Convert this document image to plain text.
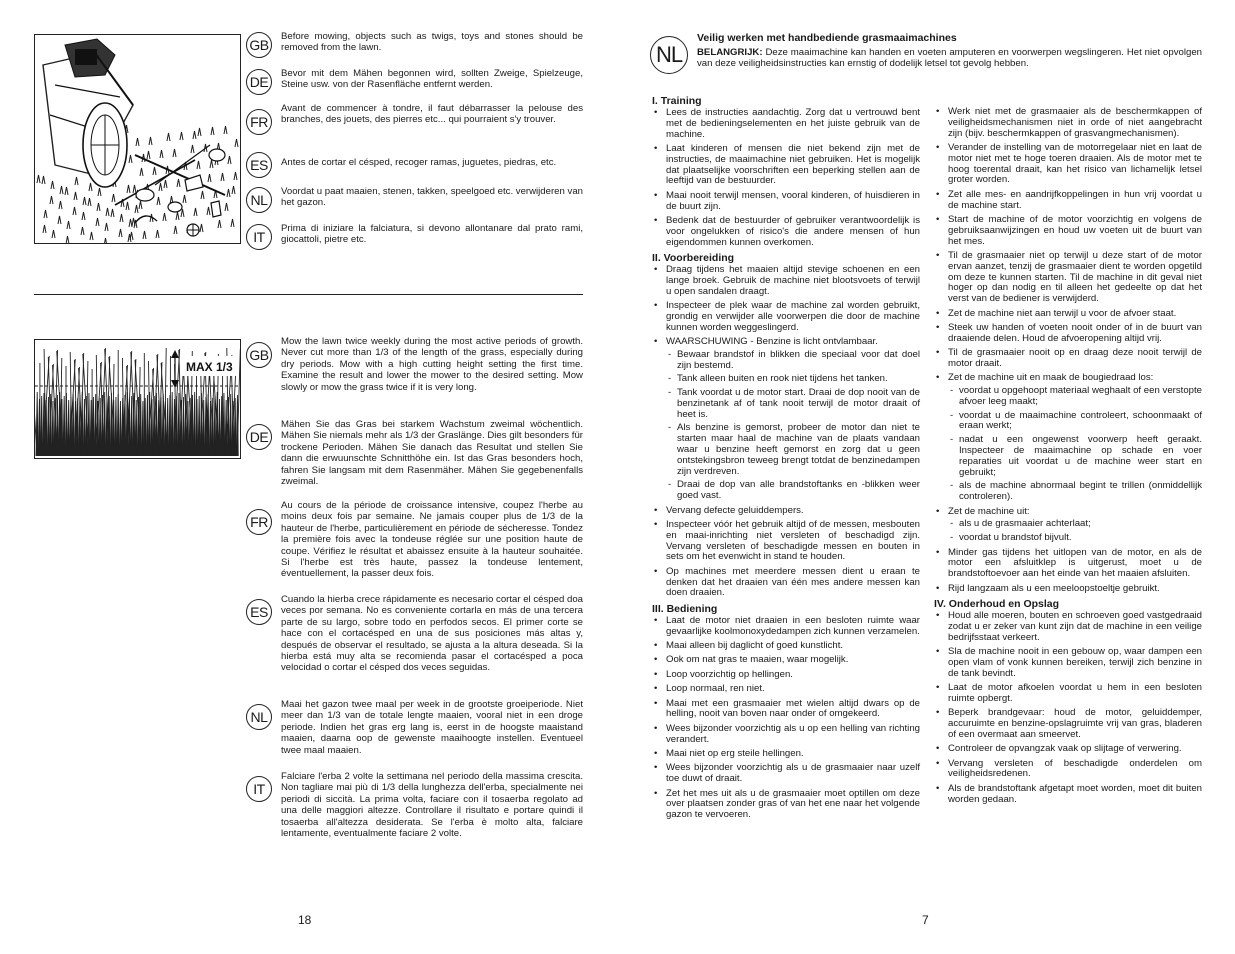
GB
Before mowing, objects such as twigs, toys and stones should be removed from the lawn.
DE
Bevor mit dem Mähen begonnen wird, sollten Zweige, Spielzeuge, Steine usw. von der Rasenfläche entfernt werden.
FR
Avant de commencer à tondre, il faut débarrasser la pelouse des branches, des jouets, des pierres etc... qui pourraient s'y trouver.
ES	Antes de cortar el césped, recoger ramas, juguetes, piedras, etc.
NL
Voordat u paat maaien, stenen, takken, speelgoed etc. verwijderen van het gazon.
IT
Prima di iniziare la falciatura, si devono allontanare dal prato rami, giocattoli, pietre etc.
MAX 1/3
GB
Mow the lawn twice weekly during the most active periods of growth. Never cut more than 1/3 of the length of the grass, especially during dry periods. Mow with a high cutting height setting the first time. Examine the result and lower the mower to the desired setting. Mow slowly or mow the grass twice if it is very long.
DE
Mähen Sie das Gras bei starkem Wachstum zweimal wöchentlich. Mähen Sie niemals mehr als 1/3 der Graslänge. Dies gilt besonders für trockene Perioden. Mähen Sie danach das Resultat und stellen Sie dann die erwuunschte Schnitthöhe ein. Ist das Gras besonders hoch, fahren Sie langsam mit dem Rasenmäher. Mähen Sie gegebenenfalls zweimal.
FR
Au cours de la période de croissance intensive, coupez l'herbe au moins deux fois par semaine. Ne jamais couper plus de 1/3 de la hauteur de l'herbe, particulièrement en période de sécheresse. Tondez la première fois avec la tondeuse réglée sur une position haute de coupe. Vérifiez le résultat et abaissez ensuite à la hauteur souhaitée. Si l'herbe est très haute, passez la tondeuse lentement, éventuellement, la passer deux fois.
ES
Cuando la hierba crece rápidamente es necesario cortar el césped doa veces por semana. No es conveniente cortarla en más de una tercera parte de su largo, sobre todo en perfodos secos. El primer corte se hace con el cortacésped en una de sus posiciones más altas y, después de observar el resultado, se ajusta a la altura deseada. Si la hierba está muy alta se recomienda pasar el cortacésped a poca velocidad o cortar el césped dos veces seguidas.
NL
Maai het gazon twee maal per week in de grootste groeiperiode. Niet meer dan 1/3 van de totale lengte maaien, vooral niet in een droge periode. Indien het gras erg lang is, eerst in de hoogste maaistand maaien, daarna oop de gewenste maaihoogte instellen. Eventueel twee maal maaien.
IT
Falciare l'erba 2 volte la settimana nel periodo della massima crescita. Non tagliare mai più di 1/3 della lunghezza dell'erba, specialmente nei periodi di siccità. La prima volta, faciare con il tosaerba regolato ad una delle maggiori altezze. Controllare il risultato e portare quindi il tosaerba all'altezza desiderata. Se l'erba è molto alta, falciare lentamente, eventualmente faciare 2 volte.
18
NL
Veilig werken met handbediende grasmaaimachines
BELANGRIJK: Deze maaimachine kan handen en voeten amputeren en voorwerpen wegslingeren. Het niet opvolgen van deze veiligheidsinstructies kan ernstig of dodelijk letsel tot gevolg hebben.
I. Training
• Lees de instructies aandachtig. Zorg dat u vertrouwd bent met de bedieningselementen en het juiste gebruik van de machine.
• Laat kinderen of mensen die niet bekend zijn met de instructies, de maaimachine niet gebruiken. Het is mogelijk dat plaatselijke voorschriften een beperking stellen aan de leeftijd van de bestuurder.
• Maai nooit terwijl mensen, vooral kinderen, of huisdieren in de buurt zijn.
• Bedenk dat de bestuurder of gebruiker verantwoordelijk is voor ongelukken of risico's die andere mensen of hun eigendommen kunnen overkomen.
II. Voorbereiding
• Draag tijdens het maaien altijd stevige schoenen en een lange broek. Gebruik de machine niet blootsvoets of terwijl u open sandalen draagt.
• Inspecteer de plek waar de machine zal worden gebruikt, grondig en verwijder alle voorwerpen die door de machine kunnen worden weggeslingerd.
• WAARSCHUWING - Benzine is licht ontvlambaar.
- Bewaar brandstof in blikken die speciaal voor dat doel zijn bestemd.
- Tank alleen buiten en rook niet tijdens het tanken.
- Tank voordat u de motor start. Draai de dop nooit van de benzinetank af of tank nooit terwijl de motor draait of heet is.
- Als benzine is gemorst, probeer de motor dan niet te starten maar haal de machine van de plaats vandaan waar u benzine heeft gemorst en zorg dat u geen ontstekingsbron teweeg brengt totdat de benzinedampen zijn verdreven.
- Draai de dop van alle brandstoftanks en -blikken weer goed vast.
• Vervang defecte geluiddempers.
• Inspecteer vóór het gebruik altijd of de messen, mesbouten en maai-inrichting niet versleten of beschadigd zijn. Vervang versleten of beschadigde messen en bouten in sets om het evenwicht in stand te houden.
• Op machines met meerdere messen dient u eraan te denken dat het draaien van één mes andere messen kan doen draaien.
III. Bediening
• Laat de motor niet draaien in een besloten ruimte waar gevaarlijke koolmonoxydedampen zich kunnen verzamelen.
• Maai alleen bij daglicht of goed kunstlicht.
• Ook om nat gras te maaien, waar mogelijk.
• Loop voorzichtig op hellingen.
• Loop normaal, ren niet.
• Maai met een grasmaaier met wielen altijd dwars op de helling, nooit van boven naar onder of omgekeerd.
• Wees bijzonder voorzichtig als u op een helling van richting verandert.
• Maai niet op erg steile hellingen.
• Wees bijzonder voorzichtig als u de grasmaaier naar uzelf toe duwt of draait.
• Zet het mes uit als u de grasmaaier moet optillen om deze over plaatsen zonder gras of van het ene naar het volgende gazon te vervoeren.
• Werk niet met de grasmaaier als de beschermkappen of veiligheidsmechanismen niet in orde of niet aangebracht zijn (bijv. beschermkappen of grasvangmechanismen).
• Verander de instelling van de motorregelaar niet en laat de motor niet met te hoge toeren draaien. Als de motor met te hoog toerental draait, kan het risico van lichamelijk letsel groter worden.
• Zet alle mes- en aandrijfkoppelingen in hun vrij voordat u de machine start.
• Start de machine of de motor voorzichtig en volgens de gebruiksaanwijzingen en houd uw voeten uit de buurt van het mes.
• Til de grasmaaier niet op terwijl u deze start of de motor ervan aanzet, tenzij de grasmaaier dient te worden opgetild om deze te kunnen starten. Til de machine in dit geval niet hoger op dan nodig en til alleen het gedeelte op dat het verst van de bediener is verwijderd.
• Zet de machine niet aan terwijl u voor de afvoer staat.
• Steek uw handen of voeten nooit onder of in de buurt van draaiende delen. Houd de afvoeropening altijd vrij.
• Til de grasmaaier nooit op en draag deze nooit terwijl de motor draait.
• Zet de machine uit en maak de bougiedraad los:
- voordat u opgehoopt materiaal weghaalt of een verstopte afvoer leeg maakt;
- voordat u de maaimachine controleert, schoonmaakt of eraan werkt;
- nadat u een ongewenst voorwerp heeft geraakt. Inspecteer de maaimachine op schade en voer reparaties uit voordat u de machine weer start en gebruikt;
- als de machine abnormaal begint te trillen (onmiddellijk controleren).
• Zet de machine uit:
- als u de grasmaaier achterlaat;
- voordat u brandstof bijvult.
• Minder gas tijdens het uitlopen van de motor, en als de motor een afsluitklep is uitgerust, moet u de brandstoftoevoer aan het einde van het maaien afsluiten.
• Rijd langzaam als u een meeloopstoeltje gebruikt.
IV. Onderhoud en Opslag
• Houd alle moeren, bouten en schroeven goed vastgedraaid zodat u er zeker van kunt zijn dat de machine in een veilige bedrijfsstaat verkeert.
• Sla de machine nooit in een gebouw op, waar dampen een open vlam of vonk kunnen bereiken, terwijl zich benzine in de tank bevindt.
• Laat de motor afkoelen voordat u hem in een besloten ruimte opbergt.
• Beperk brandgevaar: houd de motor, geluiddemper, accuruimte en benzine-opslagruimte vrij van gras, bladeren of een overmaat aan smeervet.
• Controleer de opvangzak vaak op slijtage of verwering.
• Vervang versleten of beschadigde onderdelen om veiligheidsredenen.
• Als de brandstoftank afgetapt moet worden, moet dit buiten worden gedaan.
7
